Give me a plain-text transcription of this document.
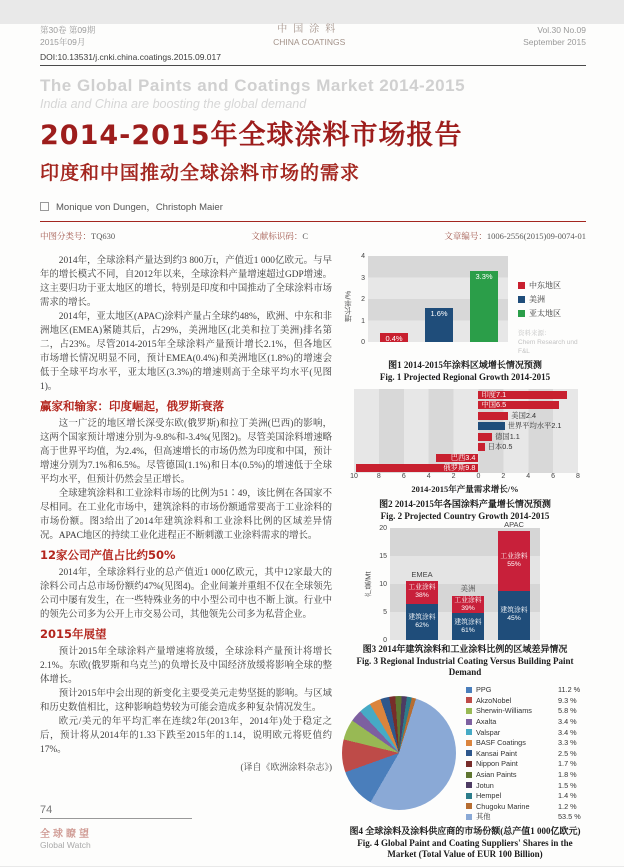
第30卷 第09期
2015年09月
中国涂料
CHINA COATINGS
Vol.30 No.09
September 2015
DOI:10.13531/j.cnki.china.coatings.2015.09.017
The Global Paints and Coatings Market 2014-2015
India and China are boosting the global demand
2014-2015年全球涂料市场报告
印度和中国推动全球涂料市场的需求
Monique von Dungen，Christoph Maier
中图分类号：TQ630	文献标识码：C	文章编号：1006-2556(2015)09-0074-01

2014年，全球涂料产量达到约3 800万t，产值近1 000亿欧元。与早年的增长模式不同，自2012年以来，全球涂料产量增速超过GDP增速。这主要归功于亚太地区的增长，特别是印度和中国推动了全球涂料市场需求的增长。

2014年，亚太地区(APAC)涂料产量占全球约48%，欧洲、中东和非洲地区(EMEA)紧随其后，占29%，美洲地区(北美和拉丁美洲)排名第二，占23%。尽管2014-2015年全球涂料产量预计增长2.1%，但各地区市场增长情况明显不同，预计EMEA(0.4%)和美洲地区(1.8%)的增速会低于全球平均水平，亚太地区(3.3%)的增速则高于全球平均水平(见图1)。

赢家和输家：印度崛起，俄罗斯衰落

这一广泛的地区增长深受东欧(俄罗斯)和拉丁美洲(巴西)的影响，这两个国家预计增速分别为-9.8%和-3.4%(见图2)。尽管美国涂料增速略高于世界平均值，为2.4%，但高速增长的市场仍然为印度和中国，预计增速分别为7.1%和6.5%。尽管德国(1.1%)和日本(0.5%)的增速低于全球平均水平，但预计仍然会呈正增长。

全球建筑涂料和工业涂料市场的比例为51∶49，该比例在各国家不尽相同。在工业化市场中，建筑涂料的市场份额通常要高于工业涂料的市场份额。图3给出了2014年建筑涂料和工业涂料比例的区域差异情况。APAC地区的持续工业化进程正不断刺激工业涂料需求的增长。

12家公司产值占比约50%

2014年，全球涂料行业的总产值近1 000亿欧元，其中12家最大的涂料公司占总市场份额约47%(见图4)。企业间兼并重组不仅在全球领先公司中屡有发生，在一些特殊业务的中小型公司中也不断上演。行业中的领先公司多为公开上市交易公司，其他领先公司多为私营企业。

2015年展望

预计2015年全球涂料产量增速将放缓，全球涂料产量预计将增长2.1%。东欧(俄罗斯和乌克兰)的负增长及中国经济放缓将影响全球的整体增长。

预计2015年中会出现的新变化主要受美元走势坚挺的影响。与区域和历史数值相比，这种影响趋势较为可能会造成多种复杂情况发生。

欧元/美元的年平均汇率在连续2年(2013年，2014年)处于稳定之后，预计将从2014年的1.33下跌至2015年的1.14，说明欧元将贬值约17%。

(译自《欧洲涂料杂志》)
增长率/%
0
1
2
3
4
0.4%
1.6%
3.3%
中东地区
美洲
亚太地区
资料来源：
Chem Research und F&L
图1 2014-2015年涂料区域增长情况预测
Fig. 1 Projected Regional Growth 2014-2015
印度7.1
中国6.5
美国2.4
世界平均水平2.1
德国1.1
日本0.5
巴西3.4
俄罗斯9.8
10	8	6	4	2	0	2	4	6	8
2014-2015年产量需求增长/%
图2 2014-2015年各国涂料产量增长情况预测
Fig. 2 Projected Country Growth 2014-2015
产量/Mt
0
5
10
15
20
建筑涂料
62%
工业涂料
38%
EMEA
建筑涂料
61%
工业涂料
39%
美洲
建筑涂料
45%
工业涂料
55%
APAC
图3 2014年建筑涂料和工业涂料比例的区域差异情况
Fig. 3 Regional Industrial Coating Versus Building Paint Demand
PPG	11.2 %
AkzoNobel	9.3 %
Sherwin-Williams	5.8 %
Axalta	3.4 %
Valspar	3.4 %
BASF Coatings	3.3 %
Kansai Paint	2.5 %
Nippon Paint	1.7 %
Asian Paints	1.8 %
Jotun	1.5 %
Hempel	1.4 %
Chugoku Marine	1.2 %
其他	53.5 %
图4 全球涂料及涂料供应商的市场份额(总产值1 000亿欧元)
Fig. 4 Global Paint and Coating Suppliers' Shares in the Market (Total Value of EUR 100 Billion)
74
全球瞭望
Global Watch
